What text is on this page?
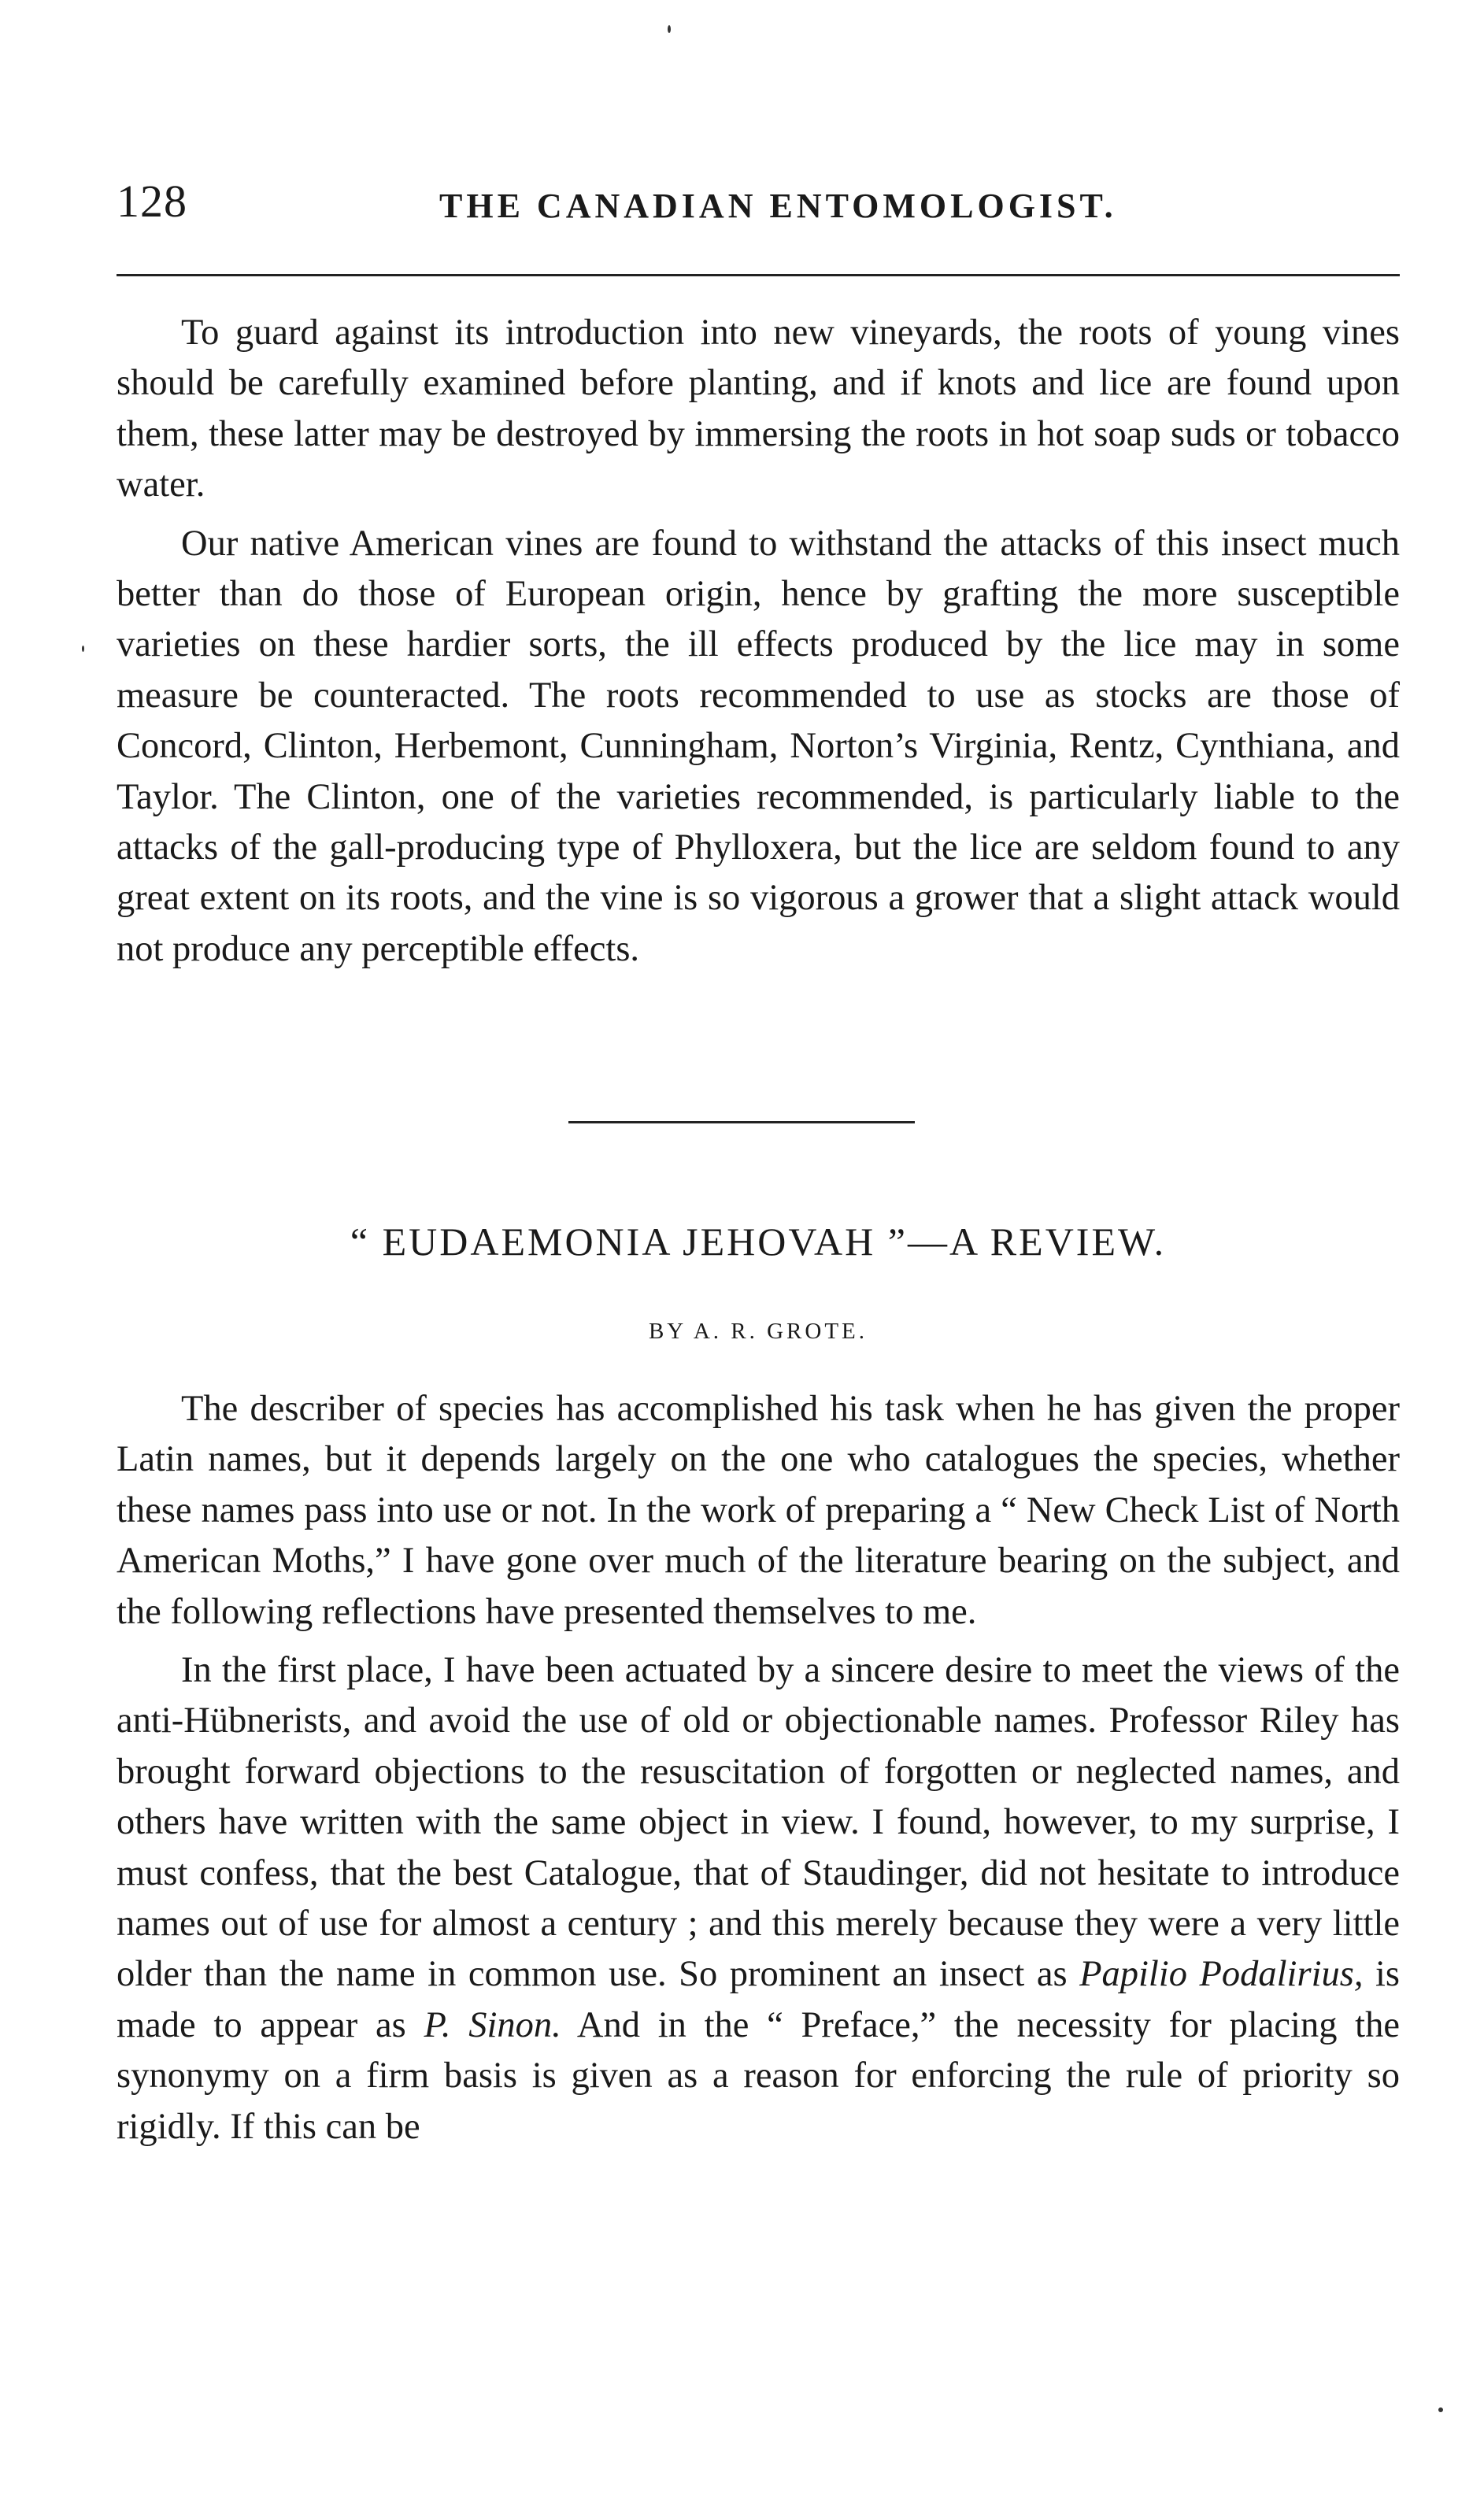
128	THE CANADIAN ENTOMOLOGIST.

To guard against its introduction into new vineyards, the roots of young vines should be carefully examined before planting, and if knots and lice are found upon them, these latter may be destroyed by immersing the roots in hot soap suds or tobacco water.

Our native American vines are found to withstand the attacks of this insect much better than do those of European origin, hence by grafting the more susceptible varieties on these hardier sorts, the ill effects produced by the lice may in some measure be counteracted. The roots recommended to use as stocks are those of Concord, Clinton, Herbemont, Cunningham, Norton’s Virginia, Rentz, Cynthiana, and Taylor. The Clinton, one of the varieties recommended, is particularly liable to the attacks of the gall-producing type of Phylloxera, but the lice are seldom found to any great extent on its roots, and the vine is so vigorous a grower that a slight attack would not produce any perceptible effects.

“ EUDAEMONIA JEHOVAH ”—A REVIEW.
BY A. R. GROTE.

The describer of species has accomplished his task when he has given the proper Latin names, but it depends largely on the one who catalogues the species, whether these names pass into use or not. In the work of preparing a “ New Check List of North American Moths,” I have gone over much of the literature bearing on the subject, and the following reflections have presented themselves to me.

In the first place, I have been actuated by a sincere desire to meet the views of the anti-Hübnerists, and avoid the use of old or objectionable names. Professor Riley has brought forward objections to the resuscitation of forgotten or neglected names, and others have written with the same object in view. I found, however, to my surprise, I must confess, that the best Catalogue, that of Staudinger, did not hesitate to introduce names out of use for almost a century ; and this merely because they were a very little older than the name in common use. So prominent an insect as Papilio Podalirius, is made to appear as P. Sinon. And in the “ Preface,” the necessity for placing the synonymy on a firm basis is given as a reason for enforcing the rule of priority so rigidly. If this can be
